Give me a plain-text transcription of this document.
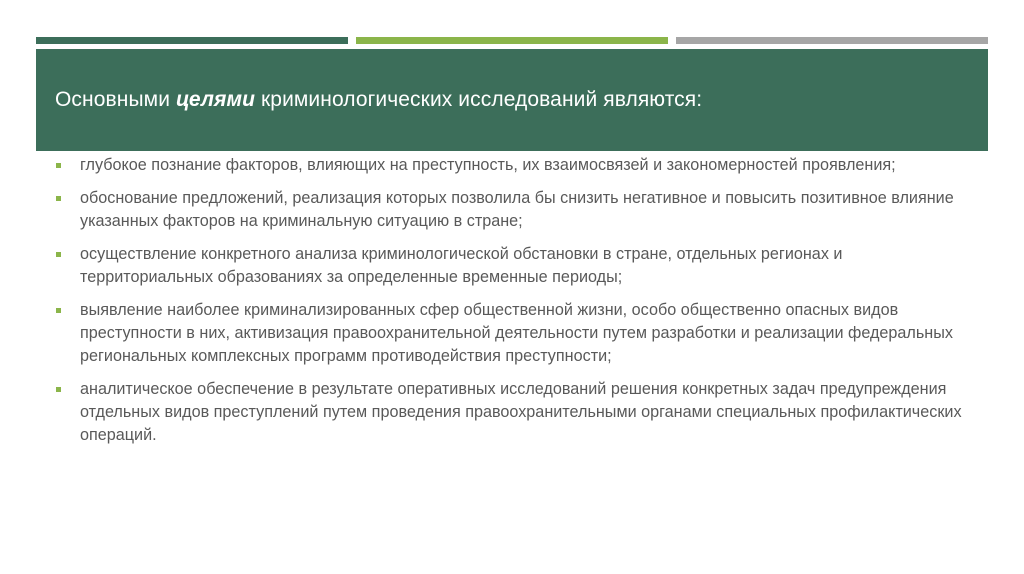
Основными целями криминологических исследований являются:
глубокое познание факторов, влияющих на преступность, их взаимосвязей и закономерностей проявления;
обоснование предложений, реализация которых позволила бы снизить негативное и повысить позитивное влияние указанных факторов на криминальную ситуацию в стране;
осуществление конкретного анализа криминологической обстановки в стране, отдельных регионах и территориальных образованиях за определенные временные периоды;
выявление наиболее криминализированных сфер общественной жизни, особо общественно опасных видов преступности в них, активизация правоохранительной деятельности путем разработки и реализации федеральных региональных комплексных программ противодействия преступности;
аналитическое обеспечение в результате оперативных исследований решения конкретных задач предупреждения отдельных видов преступлений путем проведения правоохранительными органами специальных профилактических операций.
